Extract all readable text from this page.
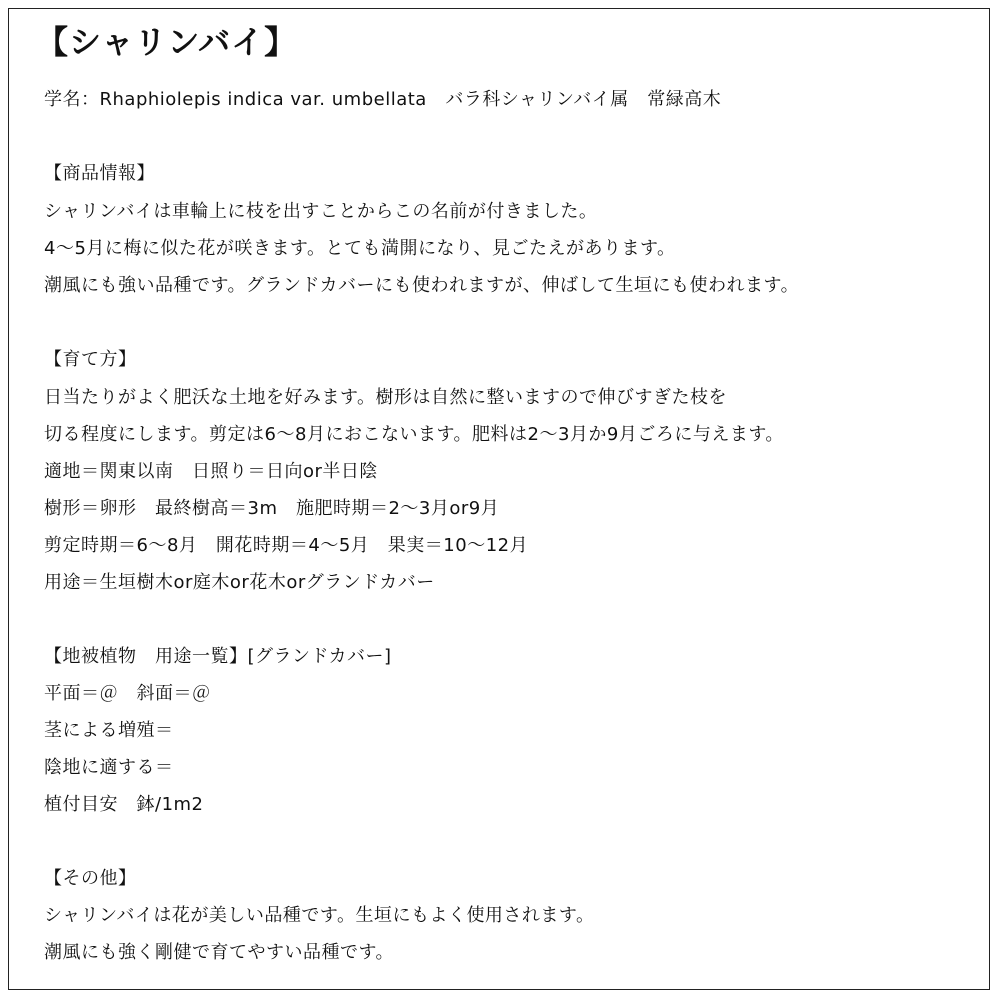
【シャリンバイ】
学名：Rhaphiolepis indica var. umbellata　バラ科シャリンバイ属　常緑高木
【商品情報】
シャリンバイは車輪上に枝を出すことからこの名前が付きました。
4～5月に梅に似た花が咲きます。とても満開になり、見ごたえがあります。
潮風にも強い品種です。グランドカバーにも使われますが、伸ばして生垣にも使われます。
【育て方】
日当たりがよく肥沃な土地を好みます。樹形は自然に整いますので伸びすぎた枝を
切る程度にします。剪定は6～8月におこないます。肥料は2～3月か9月ごろに与えます。
適地＝関東以南　日照り＝日向or半日陰
樹形＝卵形　最終樹高＝3m　施肥時期＝2～3月or9月
剪定時期＝6～8月　開花時期＝4～5月　果実＝10～12月
用途＝生垣樹木or庭木or花木orグランドカバー
【地被植物　用途一覧】[グランドカバー]
平面＝＠　斜面＝＠
茎による増殖＝
陰地に適する＝
植付目安　鉢/1m2
【その他】
シャリンバイは花が美しい品種です。生垣にもよく使用されます。
潮風にも強く剛健で育てやすい品種です。
